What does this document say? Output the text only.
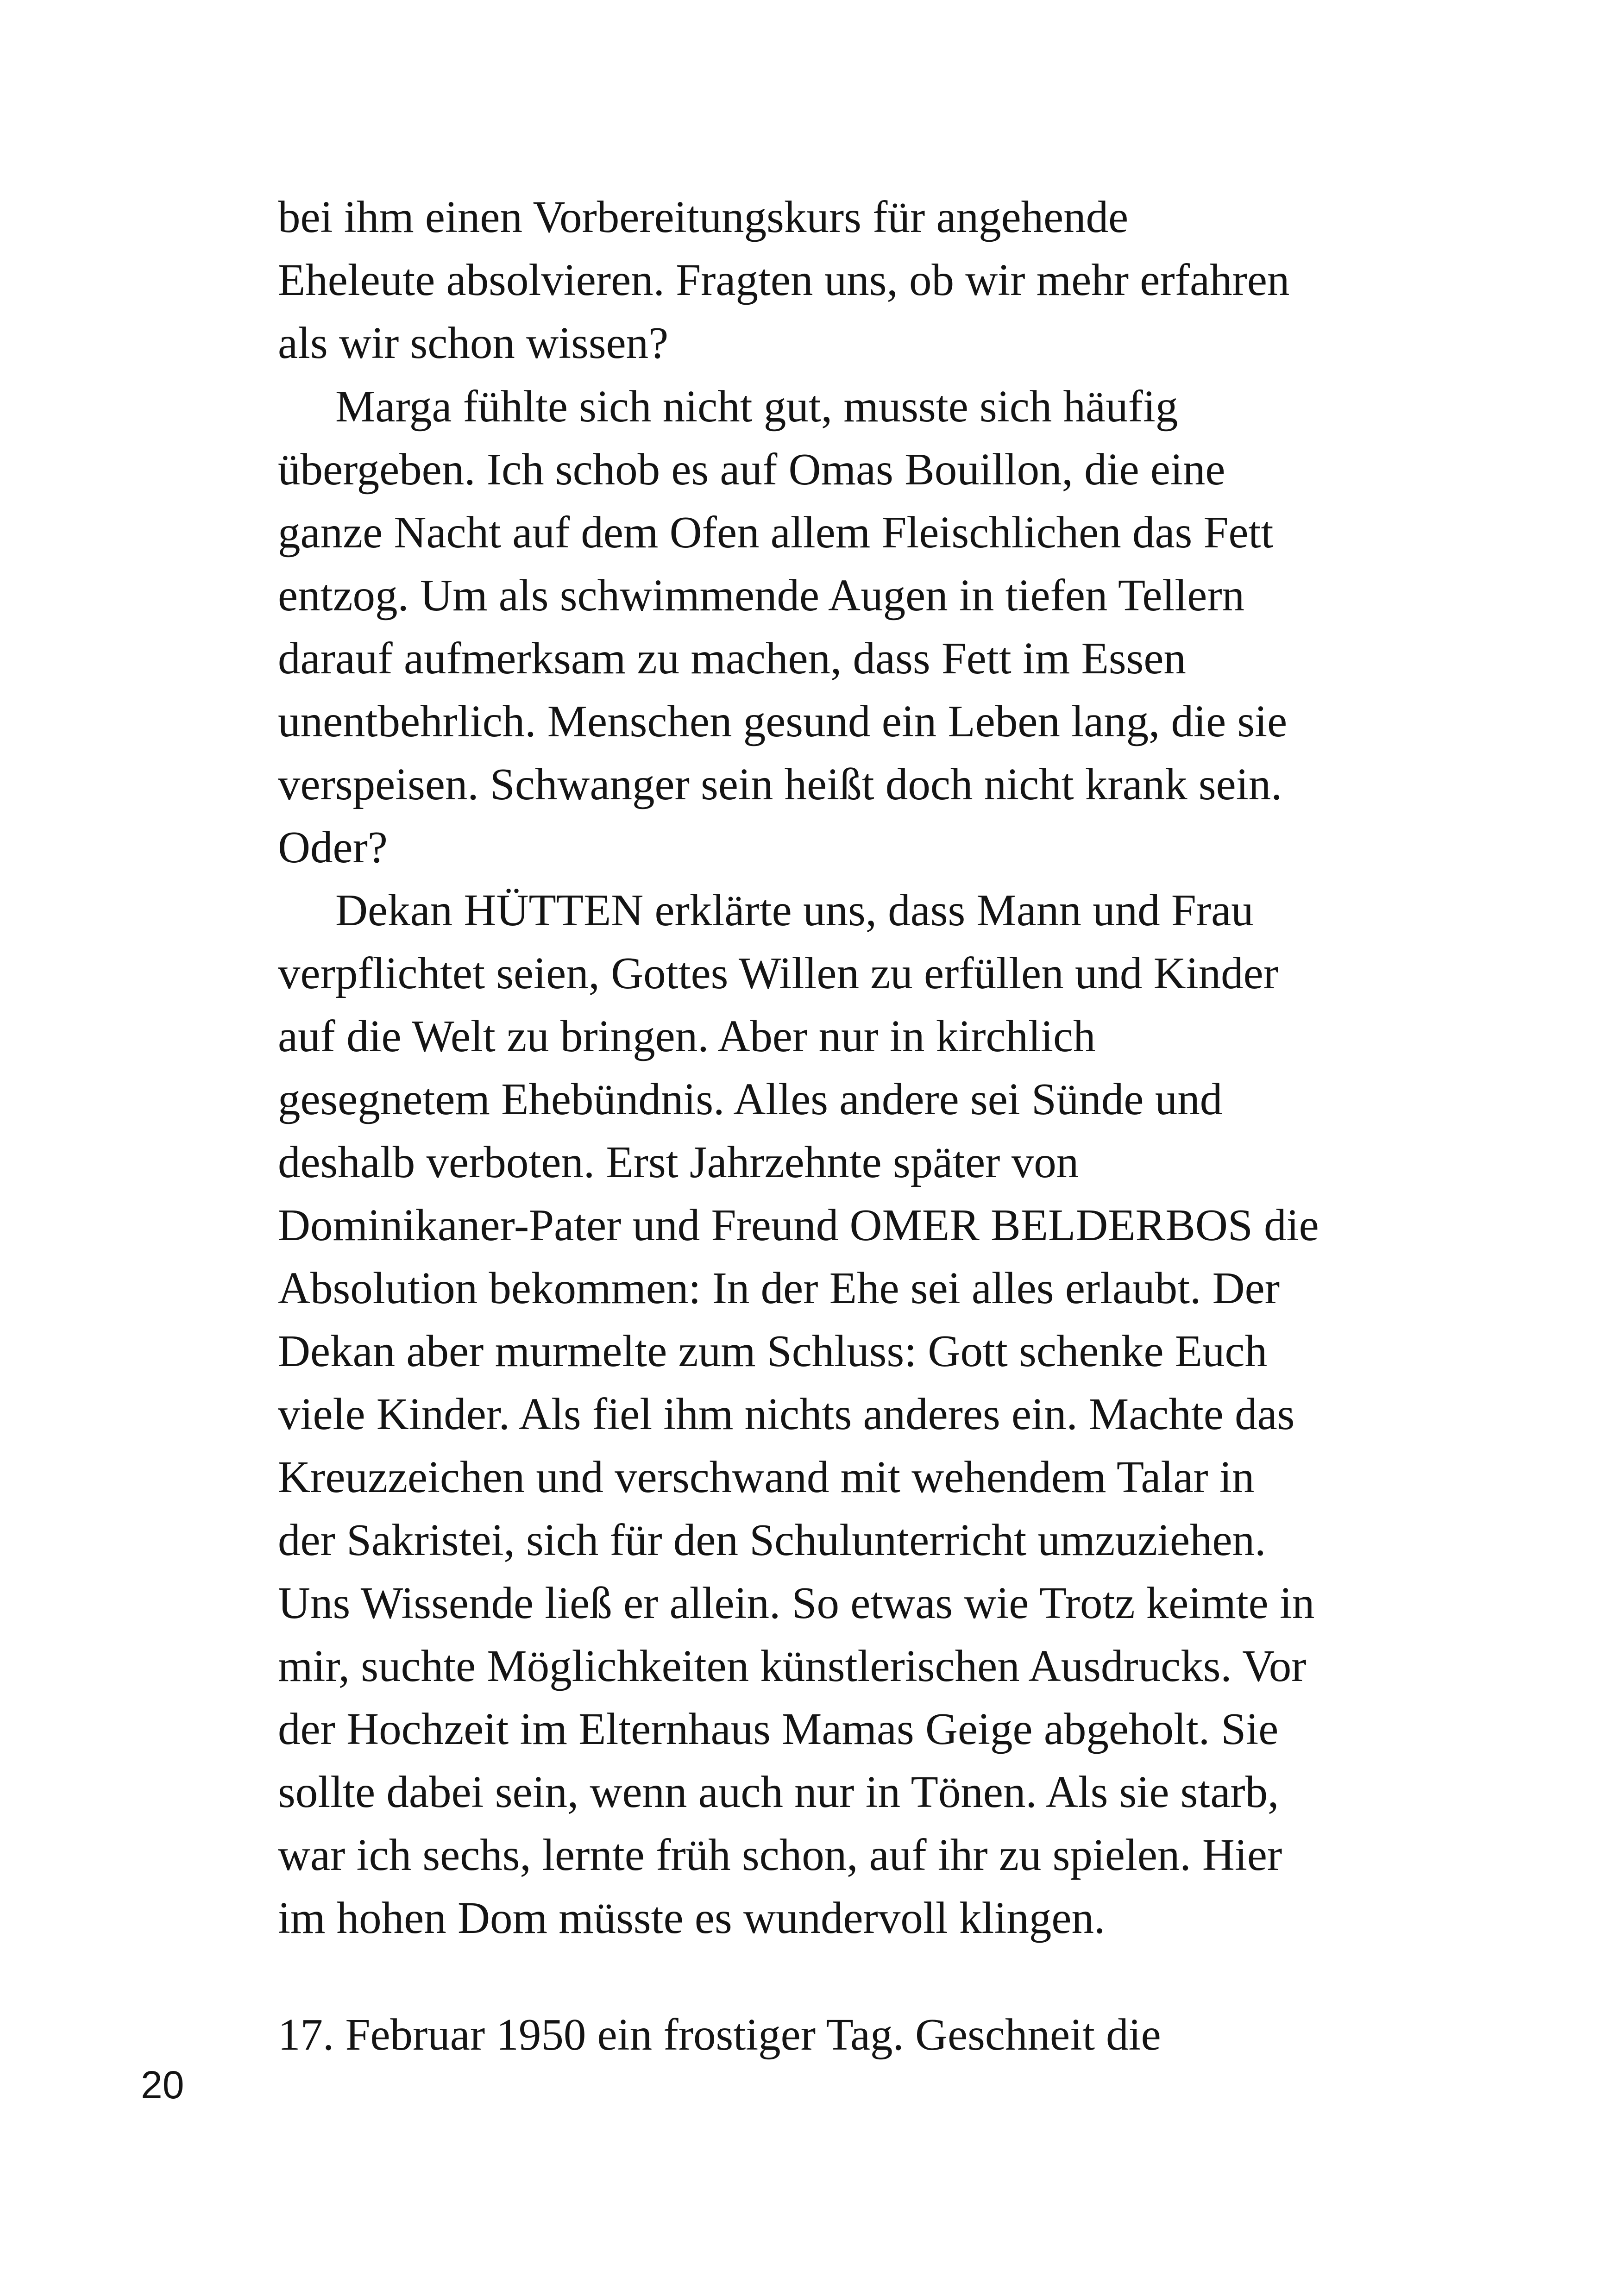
bei ihm einen Vorbereitungskurs für angehende
Eheleute absolvieren. Fragten uns, ob wir mehr erfahren
als wir schon wissen?
Marga fühlte sich nicht gut, musste sich häufig
übergeben. Ich schob es auf Omas Bouillon, die eine
ganze Nacht auf dem Ofen allem Fleischlichen das Fett
entzog. Um als schwimmende Augen in tiefen Tellern
darauf aufmerksam zu machen, dass Fett im Essen
unentbehrlich. Menschen gesund ein Leben lang, die sie
verspeisen. Schwanger sein heißt doch nicht krank sein.
Oder?
Dekan HÜTTEN erklärte uns, dass Mann und Frau
verpflichtet seien, Gottes Willen zu erfüllen und Kinder
auf die Welt zu bringen. Aber nur in kirchlich
gesegnetem Ehebündnis. Alles andere sei Sünde und
deshalb verboten. Erst Jahrzehnte später von
Dominikaner-Pater und Freund OMER BELDERBOS die
Absolution bekommen: In der Ehe sei alles erlaubt. Der
Dekan aber murmelte zum Schluss: Gott schenke Euch
viele Kinder. Als fiel ihm nichts anderes ein. Machte das
Kreuzzeichen und verschwand mit wehendem Talar in
der Sakristei, sich für den Schulunterricht umzuziehen.
Uns Wissende ließ er allein. So etwas wie Trotz keimte in
mir, suchte Möglichkeiten künstlerischen Ausdrucks. Vor
der Hochzeit im Elternhaus Mamas Geige abgeholt. Sie
sollte dabei sein, wenn auch nur in Tönen. Als sie starb,
war ich sechs, lernte früh schon, auf ihr zu spielen. Hier
im hohen Dom müsste es wundervoll klingen.
17. Februar 1950 ein frostiger Tag. Geschneit die
20
